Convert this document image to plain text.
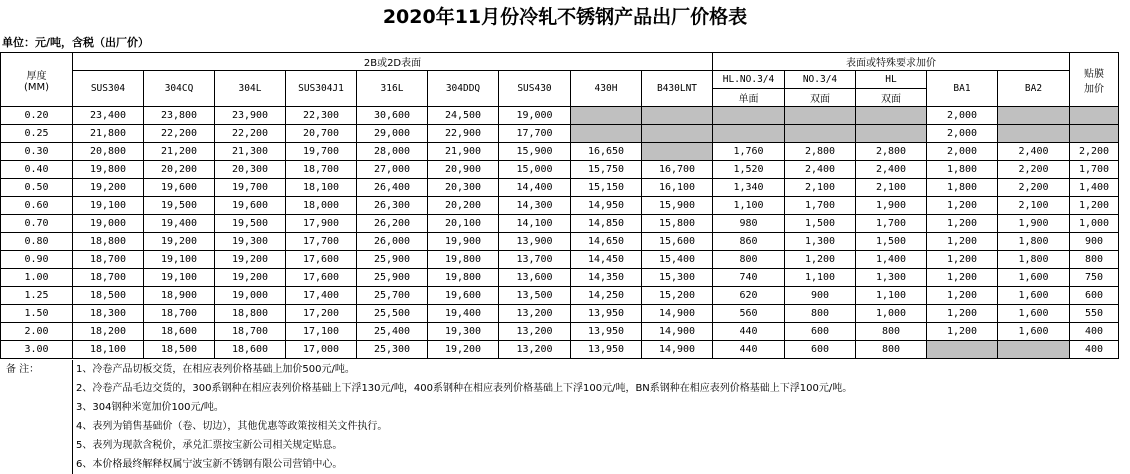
2020年11月份冷轧不锈钢产品出厂价格表
单位：元/吨，含税（出厂价）
厚度
(MM)	2B或2D表面									表面或特殊要求加价					贴膜
加价
	SUS304	304CQ	304L	SUS304J1	316L	304DDQ	SUS430	430H	B430LNT	HL.NO.3/4	NO.3/4	HL	BA1	BA2	
										单面	双面	双面			
0.20	23,400	23,800	23,900	22,300	30,600	24,500	19,000						2,000		
0.25	21,800	22,200	22,200	20,700	29,000	22,900	17,700						2,000		
0.30	20,800	21,200	21,300	19,700	28,000	21,900	15,900	16,650		1,760	2,800	2,800	2,000	2,400	2,200
0.40	19,800	20,200	20,300	18,700	27,000	20,900	15,000	15,750	16,700	1,520	2,400	2,400	1,800	2,200	1,700
0.50	19,200	19,600	19,700	18,100	26,400	20,300	14,400	15,150	16,100	1,340	2,100	2,100	1,800	2,200	1,400
0.60	19,100	19,500	19,600	18,000	26,300	20,200	14,300	14,950	15,900	1,100	1,700	1,900	1,200	2,100	1,200
0.70	19,000	19,400	19,500	17,900	26,200	20,100	14,100	14,850	15,800	980	1,500	1,700	1,200	1,900	1,000
0.80	18,800	19,200	19,300	17,700	26,000	19,900	13,900	14,650	15,600	860	1,300	1,500	1,200	1,800	900
0.90	18,700	19,100	19,200	17,600	25,900	19,800	13,700	14,450	15,400	800	1,200	1,400	1,200	1,800	800
1.00	18,700	19,100	19,200	17,600	25,900	19,800	13,600	14,350	15,300	740	1,100	1,300	1,200	1,600	750
1.25	18,500	18,900	19,000	17,400	25,700	19,600	13,500	14,250	15,200	620	900	1,100	1,200	1,600	600
1.50	18,300	18,700	18,800	17,200	25,500	19,400	13,200	13,950	14,900	560	800	1,000	1,200	1,600	550
2.00	18,200	18,600	18,700	17,100	25,400	19,300	13,200	13,950	14,900	440	600	800	1,200	1,600	400
3.00	18,100	18,500	18,600	17,000	25,300	19,200	13,200	13,950	14,900	440	600	800			400
备 注：	1、冷卷产品切板交货，在相应表列价格基础上加价500元/吨。
2、冷卷产品毛边交货的，300系钢种在相应表列价格基础上下浮130元/吨，400系钢种在相应表列价格基础上下浮100元/吨，BN系钢种在相应表列价格基础上下浮100元/吨。
3、304钢种米宽加价100元/吨。
4、表列为销售基础价（卷、切边），其他优惠等政策按相关文件执行。
5、表列为现款含税价，承兑汇票按宝新公司相关规定贴息。
6、本价格最终解释权属宁波宝新不锈钢有限公司营销中心。
